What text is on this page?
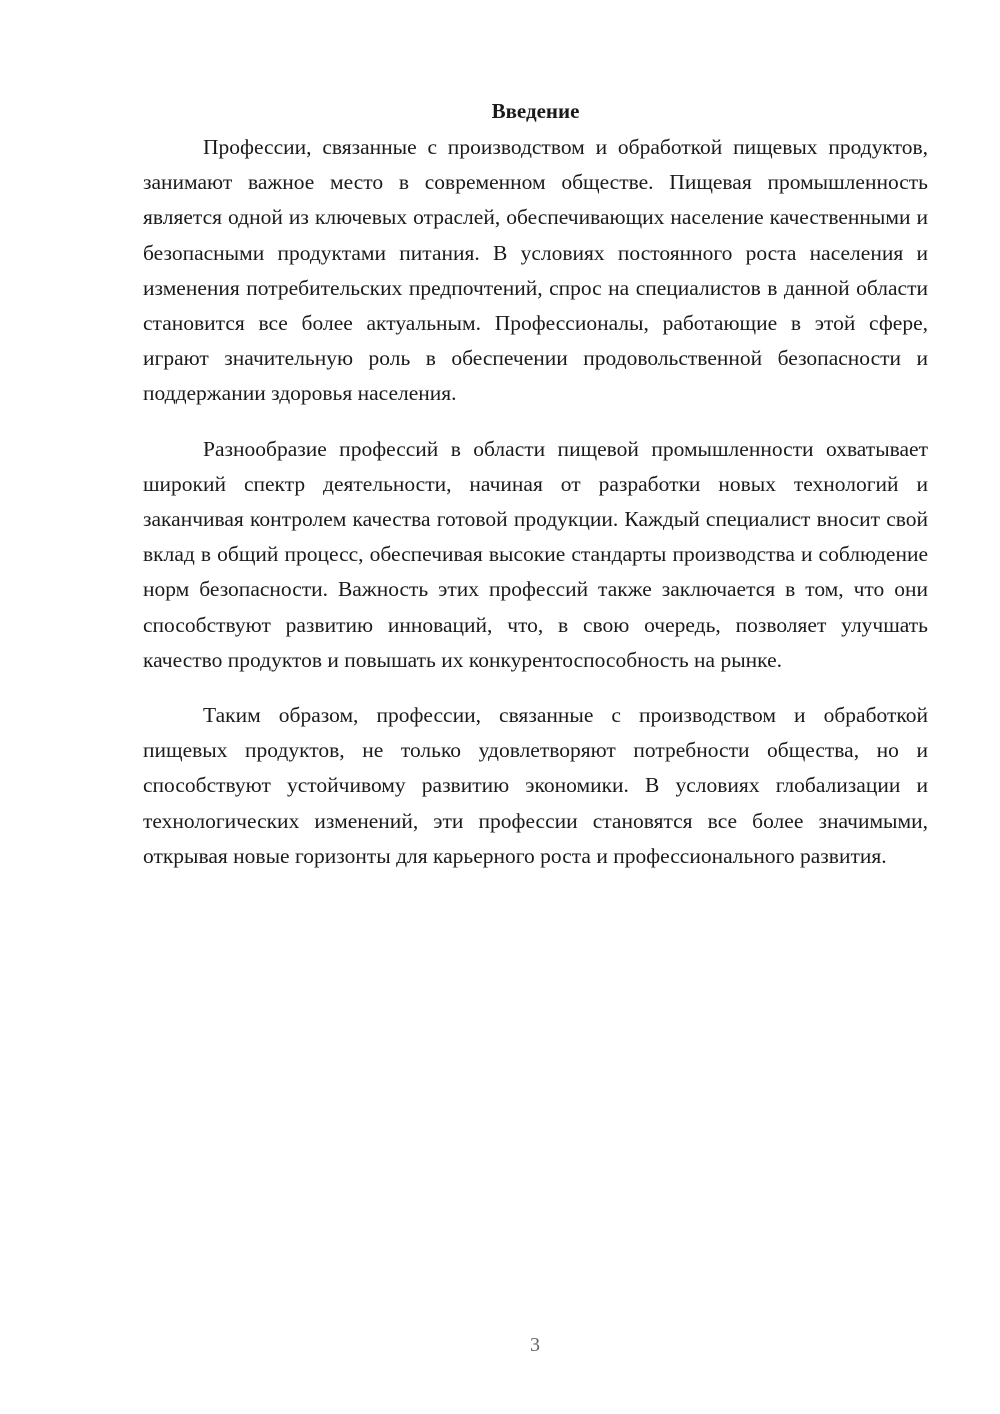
Введение

Профессии, связанные с производством и обработкой пищевых продуктов, занимают важное место в современном обществе. Пищевая промышленность является одной из ключевых отраслей, обеспечивающих население качественными и безопасными продуктами питания. В условиях постоянного роста населения и изменения потребительских предпочтений, спрос на специалистов в данной области становится все более актуальным. Профессионалы, работающие в этой сфере, играют значительную роль в обеспечении продовольственной безопасности и поддержании здоровья населения.

Разнообразие профессий в области пищевой промышленности охватывает широкий спектр деятельности, начиная от разработки новых технологий и заканчивая контролем качества готовой продукции. Каждый специалист вносит свой вклад в общий процесс, обеспечивая высокие стандарты производства и соблюдение норм безопасности. Важность этих профессий также заключается в том, что они способствуют развитию инноваций, что, в свою очередь, позволяет улучшать качество продуктов и повышать их конкурентоспособность на рынке.

Таким образом, профессии, связанные с производством и обработкой пищевых продуктов, не только удовлетворяют потребности общества, но и способствуют устойчивому развитию экономики. В условиях глобализации и технологических изменений, эти профессии становятся все более значимыми, открывая новые горизонты для карьерного роста и профессионального развития.

3
